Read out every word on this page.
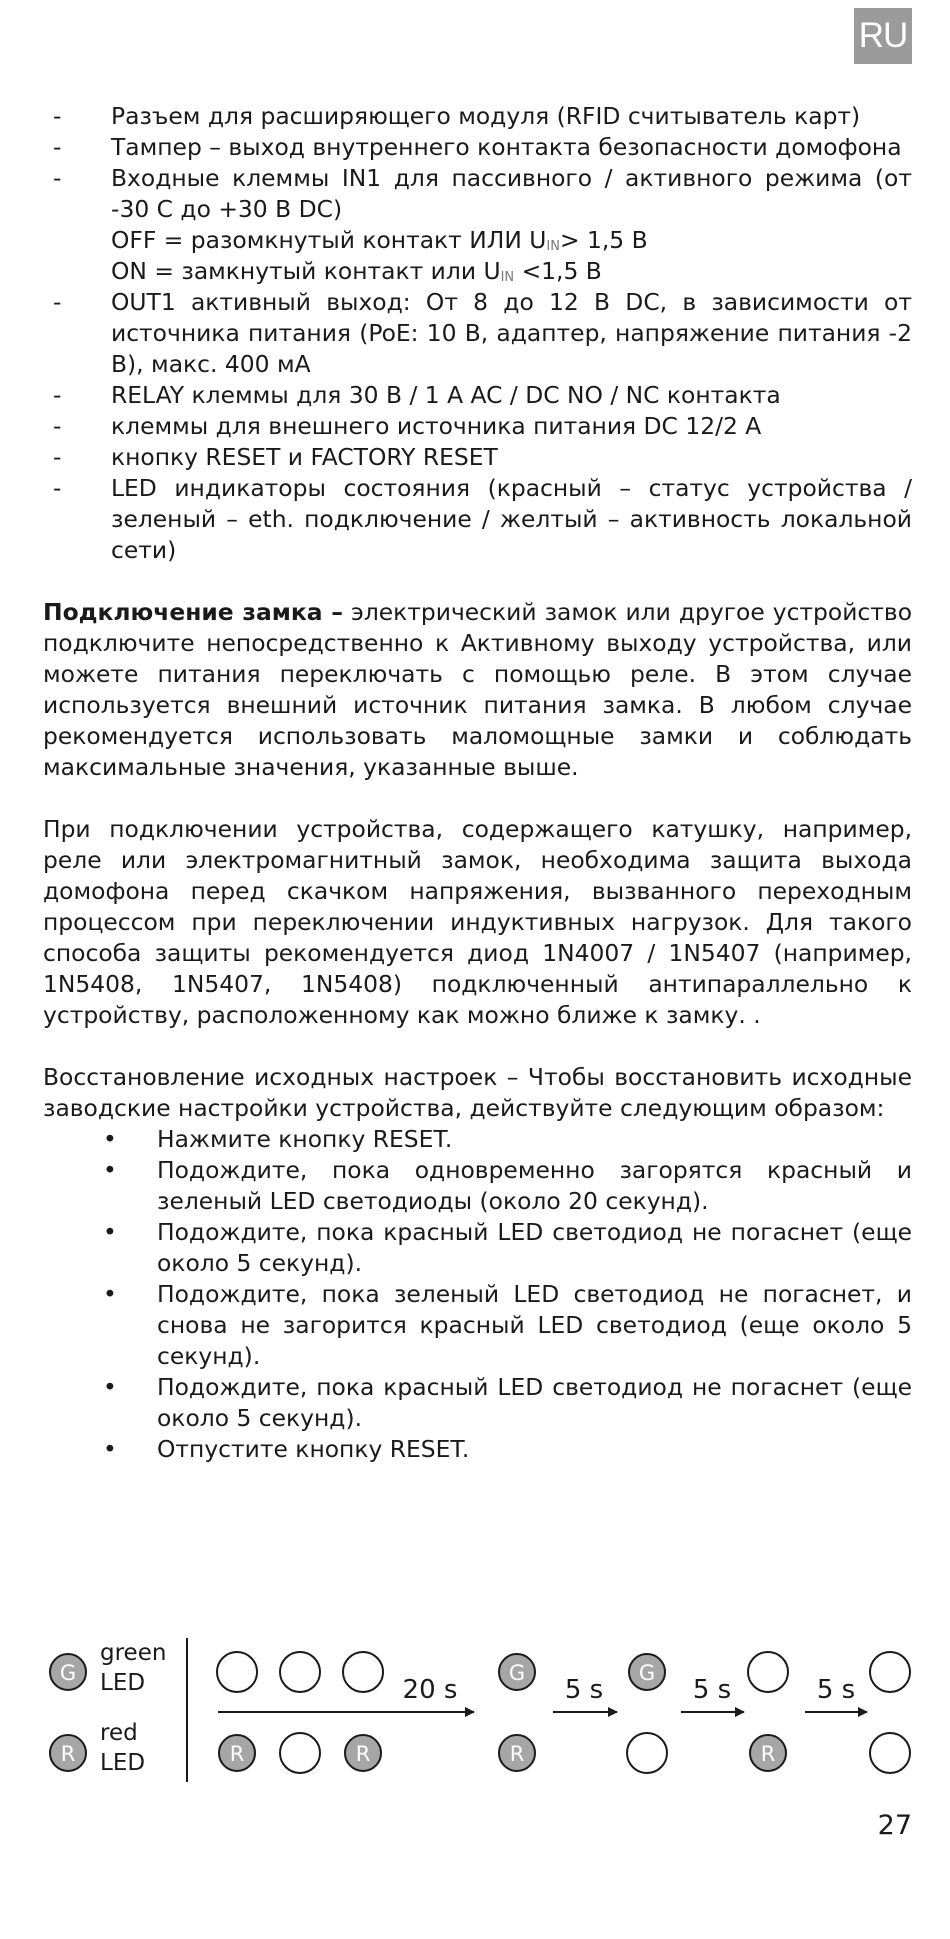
RU
- Разъем для расширяющего модуля (RFID считыватель карт)
- Тампер – выход внутреннего контакта безопасности домофона
- Входные клеммы IN1 для пассивного / активного режима (от -30 С до +30 В DC)
OFF = разомкнутый контакт ИЛИ $U_{IN}> 1,5$ В
ON = замкнутый контакт или $U_{IN} <1,5$ В
- OUT1 активный выход: От 8 до 12 В DC, в зависимости от источника питания (PoE: 10 В, адаптер, напряжение питания -2 В), макс. 400 мА
- RELAY клеммы для 30 В / 1 А AC / DC NO / NC контакта
- клеммы для внешнего источника питания DC 12/2 A
- кнопку RESET и FACTORY RESET
- LED индикаторы состояния (красный – статус устройства / зеленый – eth. подключение / желтый – активность локальной сети)

Подключение замка – электрический замок или другое устройство подключите непосредственно к Активному выходу устройства, или можете питания переключать с помощью реле. В этом случае используется внешний источник питания замка. В любом случае рекомендуется использовать маломощные замки и соблюдать максимальные значения, указанные выше.

При подключении устройства, содержащего катушку, например, реле или электромагнитный замок, необходима защита выхода домофона перед скачком напряжения, вызванного переходным процессом при переключении индуктивных нагрузок. Для такого способа защиты рекомендуется диод 1N4007 / 1N5407 (например, 1N5408, 1N5407, 1N5408) подключенный антипараллельно к устройству, расположенному как можно ближе к замку. .

Восстановление исходных настроек – Чтобы восстановить исходные заводские настройки устройства, действуйте следующим образом:

• Нажмите кнопку RESET.
• Подождите, пока одновременно загорятся красный и зеленый LED светодиоды (около 20 секунд).
• Подождите, пока красный LED светодиод не погаснет (еще около 5 секунд).
• Подождите, пока зеленый LED светодиод не погаснет, и снова не загорится красный LED светодиод (еще около 5 секунд).
• Подождите, пока красный LED светодиод не погаснет (еще около 5 секунд).
• Отпустите кнопку RESET.
G
green
LED
R
red
LED
G	G
R	R	R	R
20 s	5 s	5 s	5 s
27
